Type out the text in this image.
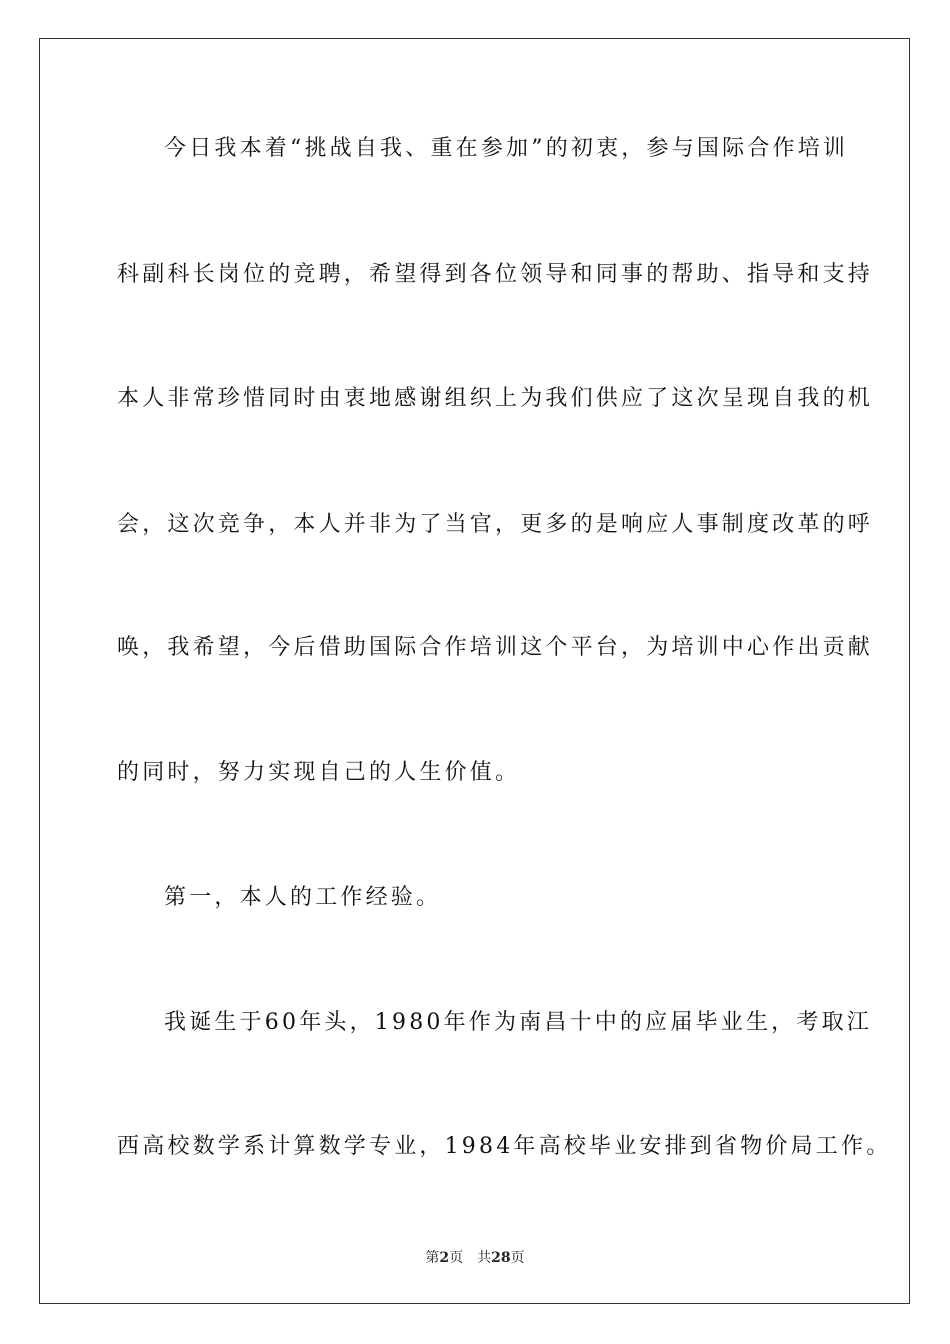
今日我本着“挑战自我、重在参加”的初衷，参与国际合作培训
科副科长岗位的竞聘，希望得到各位领导和同事的帮助、指导和支持
本人非常珍惜同时由衷地感谢组织上为我们供应了这次呈现自我的机
会，这次竞争，本人并非为了当官，更多的是响应人事制度改革的呼
唤，我希望，今后借助国际合作培训这个平台，为培训中心作出贡献
的同时，努力实现自己的人生价值。
第一，本人的工作经验。
我诞生于60年头，1980年作为南昌十中的应届毕业生，考取江
西高校数学系计算数学专业，1984年高校毕业安排到省物价局工作。
第2页 共28页
